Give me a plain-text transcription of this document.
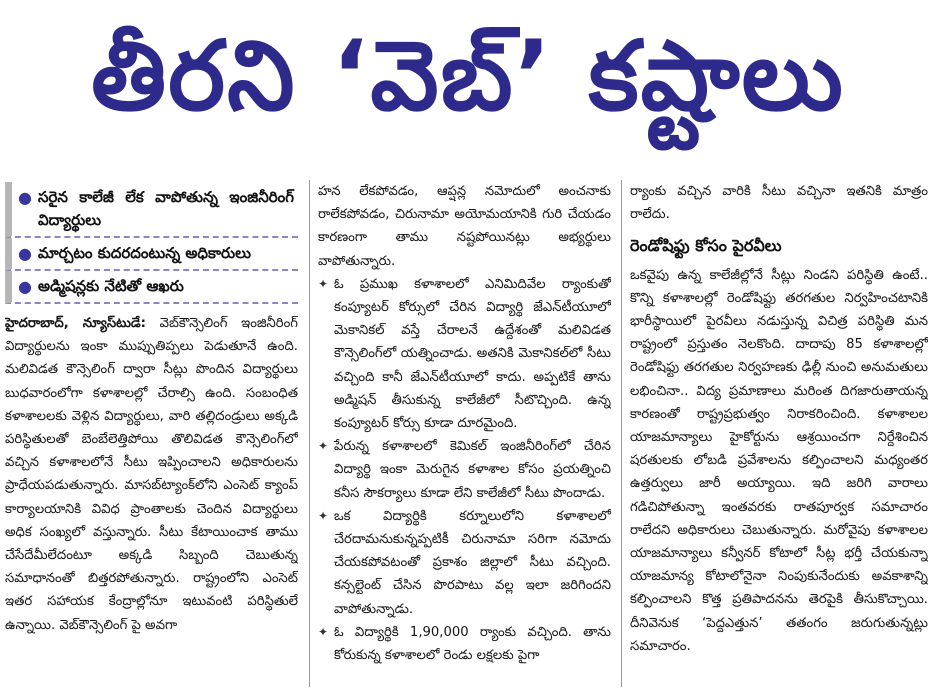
తీరని ‘వెబ్’ కష్టాలు
● సరైన కాలేజీ లేక వాపోతున్న ఇంజినీరింగ్ విద్యార్థులు
● మార్చటం కుదరదంటున్న అధికారులు
● అడ్మిషన్లకు నేటితో ఆఖరు

హైదరాబాద్, న్యూస్‌టుడే: వెబ్‌కౌన్సెలింగ్ ఇంజినీరింగ్ విద్యార్థులను ఇంకా ముప్పుతిప్పలు పెడుతూనే ఉంది. మలివిడత కౌన్సెలింగ్ ద్వారా సీట్లు పొందిన విద్యార్థులు బుధవారంలోగా కళాశాలల్లో చేరాల్సి ఉంది. సంబంధిత కళాశాలలకు వెళ్లిన విద్యార్థులు, వారి తల్లిదండ్రులు అక్కడి పరిస్థితులతో బెంబేలెత్తిపోయి తొలివిడత కౌన్సెలింగ్‌లో వచ్చిన కళాశాలలోనే సీటు ఇప్పించాలని అధికారులను ప్రాధేయపడుతున్నారు. మాసబ్‌ట్యాంక్‌లోని ఎంసెట్ క్యాంప్ కార్యాలయానికి వివిధ ప్రాంతాలకు చెందిన విద్యార్థులు అధిక సంఖ్యలో వస్తున్నారు. సీటు కేటాయించాక తాము చేసేదేమీలేదంటూ అక్కడి సిబ్బంది చెబుతున్న సమాధానంతో బిత్తరపోతున్నారు. రాష్ట్రంలోని ఎంసెట్ ఇతర సహాయక కేంద్రాల్లోనూ ఇటువంటి పరిస్థితులే ఉన్నాయి. వెబ్‌కౌన్సెలింగ్ పై అవగా

హన లేకపోవడం, ఆప్షన్ల నమోదులో అంచనాకు రాలేకపోవడం, చిరునామా అయోమయానికి గురి చేయడం కారణంగా తాము నష్టపోయినట్లు అభ్యర్థులు వాపోతున్నారు.

✦ ఓ ప్రముఖ కళాశాలలో ఎనిమిదివేల ర్యాంకుతో కంప్యూటర్ కోర్సులో చేరిన విద్యార్థి జేఎన్‌టీయూలో మెకానికల్ వస్తే చేరాలనే ఉద్దేశంతో మలివిడత కౌన్సెలింగ్‌లో యత్నించాడు. అతనికి మెకానికల్‌లో సీటు వచ్చింది కానీ జేఎన్‌టీయూలో కాదు. అప్పటికే తాను అడ్మిషన్ తీసుకున్న కాలేజీలో సీటొచ్చింది. ఉన్న కంప్యూటర్ కోర్సు కూడా దూరమైంది.
✦ పేరున్న కళాశాలలో కెమికల్ ఇంజినీరింగ్‌లో చేరిన విద్యార్థి ఇంకా మెరుగైన కళాశాల కోసం ప్రయత్నించి కనీస సౌకర్యాలు కూడా లేని కాలేజీలో సీటు పొందాడు.
✦ ఒక విద్యార్థికి కర్నూలులోని కళాశాలలో చేరదామనుకున్నప్పటికీ చిరునామా సరిగా నమోదు చేయకపోవటంతో ప్రకాశం జిల్లాలో సీటు వచ్చింది. కన్సల్టెంట్ చేసిన పొరపాటు వల్ల ఇలా జరిగిందని వాపోతున్నాడు.
✦ ఓ విద్యార్థికి 1,90,000 ర్యాంకు వచ్చింది. తాను కోరుకున్న కళాశాలలో రెండు లక్షలకు పైగా

ర్యాంకు వచ్చిన వారికి సీటు వచ్చినా ఇతనికి మాత్రం రాలేదు.

రెండోషిఫ్టు కోసం పైరవీలు

ఒకవైపు ఉన్న కాలేజీల్లోనే సీట్లు నిండని పరిస్థితి ఉంటే.. కొన్ని కళాశాలల్లో రెండోషిఫ్టు తరగతుల నిర్వహించటానికి భారీస్థాయిలో పైరవీలు నడుస్తున్న విచిత్ర పరిస్థితి మన రాష్ట్రంలో ప్రస్తుతం నెలకొంది. దాదాపు 85 కళాశాలల్లో రెండోషిఫ్టు తరగతుల నిర్వహణకు ఢిల్లీ నుంచి అనుమతులు లభించినా.. విద్య ప్రమాణాలు మరింత దిగజారుతాయన్న కారణంతో రాష్ట్రప్రభుత్వం నిరాకరించింది. కళాశాలల యాజమాన్యాలు హైకోర్టును ఆశ్రయించగా నిర్దేశించిన షరతులకు లోబడి ప్రవేశాలను కల్పించాలని మధ్యంతర ఉత్తర్వులు జారీ అయ్యాయి. ఇది జరిగి వారాలు గడిచిపోతున్నా ఇంతవరకు రాతపూర్వక సమాచారం రాలేదని అధికారులు చెబుతున్నారు. మరోవైపు కళాశాలల యాజమాన్యాలు కన్వీనర్ కోటాలో సీట్ల భర్తీ చేయకున్నా యాజమాన్య కోటాలోనైనా నింపుకునేందుకు అవకాశాన్ని కల్పించాలని కొత్త ప్రతిపాదనను తెరపైకి తీసుకొచ్చాయి. దీనివెనుక ‘పెద్దఎత్తున’ తతంగం జరుగుతున్నట్లు సమాచారం.
